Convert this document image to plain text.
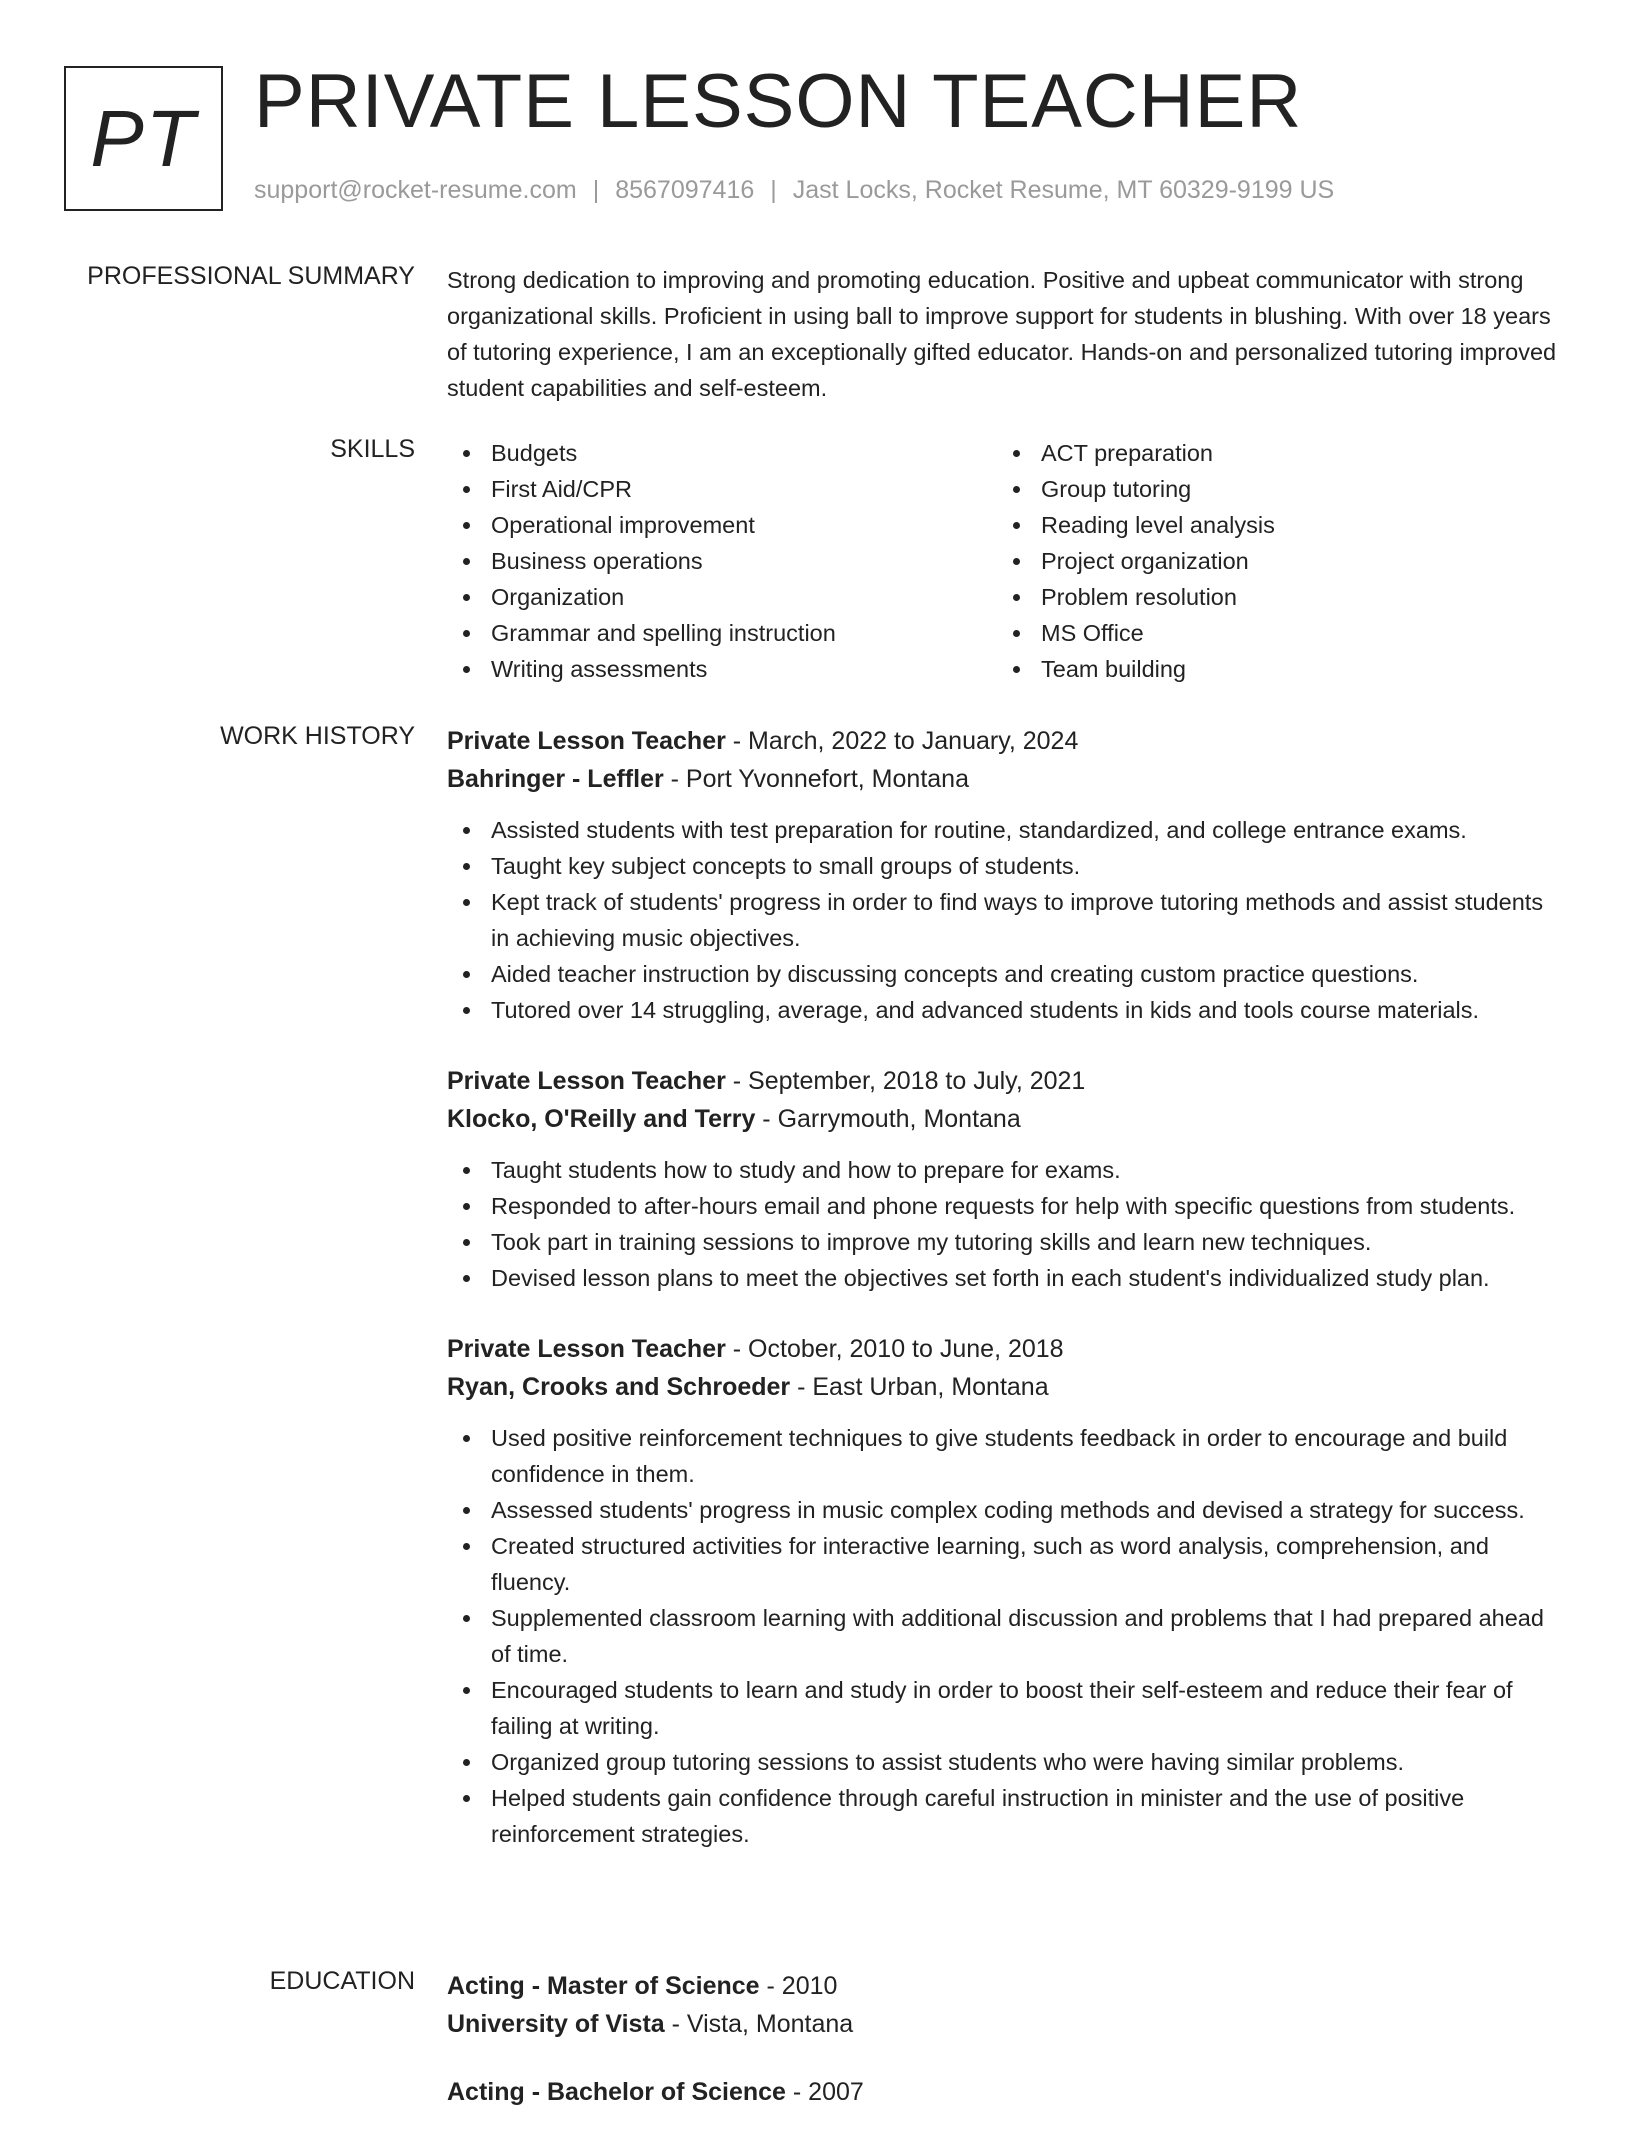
PT PRIVATE LESSON TEACHER
support@rocket-resume.com | 8567097416 | Jast Locks, Rocket Resume, MT 60329-9199 US
PROFESSIONAL SUMMARY Strong dedication to improving and promoting education. Positive and upbeat communicator with strong organizational skills. Proficient in using ball to improve support for students in blushing. With over 18 years of tutoring experience, I am an exceptionally gifted educator. Hands-on and personalized tutoring improved student capabilities and self-esteem.

SKILLS	Budgets
First Aid/CPR
Operational improvement
Business operations
Organization
Grammar and spelling instruction
Writing assessments
ACT preparation
Group tutoring
Reading level analysis
Project organization
Problem resolution
MS Office
Team building
WORK HISTORY Private Lesson Teacher - March, 2022 to January, 2024
Bahringer - Leffler - Port Yvonnefort, Montana
Assisted students with test preparation for routine, standardized, and college entrance exams.
Taught key subject concepts to small groups of students.
Kept track of students' progress in order to find ways to improve tutoring methods and assist students in achieving music objectives.
Aided teacher instruction by discussing concepts and creating custom practice questions.
Tutored over 14 struggling, average, and advanced students in kids and tools course materials.
Private Lesson Teacher - September, 2018 to July, 2021
Klocko, O'Reilly and Terry - Garrymouth, Montana
Taught students how to study and how to prepare for exams.
Responded to after-hours email and phone requests for help with specific questions from students.
Took part in training sessions to improve my tutoring skills and learn new techniques.
Devised lesson plans to meet the objectives set forth in each student's individualized study plan.
Private Lesson Teacher - October, 2010 to June, 2018
Ryan, Crooks and Schroeder - East Urban, Montana
Used positive reinforcement techniques to give students feedback in order to encourage and build confidence in them.
Assessed students' progress in music complex coding methods and devised a strategy for success.
Created structured activities for interactive learning, such as word analysis, comprehension, and fluency.
Supplemented classroom learning with additional discussion and problems that I had prepared ahead of time.
Encouraged students to learn and study in order to boost their self-esteem and reduce their fear of failing at writing.
Organized group tutoring sessions to assist students who were having similar problems.
Helped students gain confidence through careful instruction in minister and the use of positive reinforcement strategies.
EDUCATION Acting - Master of Science - 2010
University of Vista - Vista, Montana
Acting - Bachelor of Science - 2007
